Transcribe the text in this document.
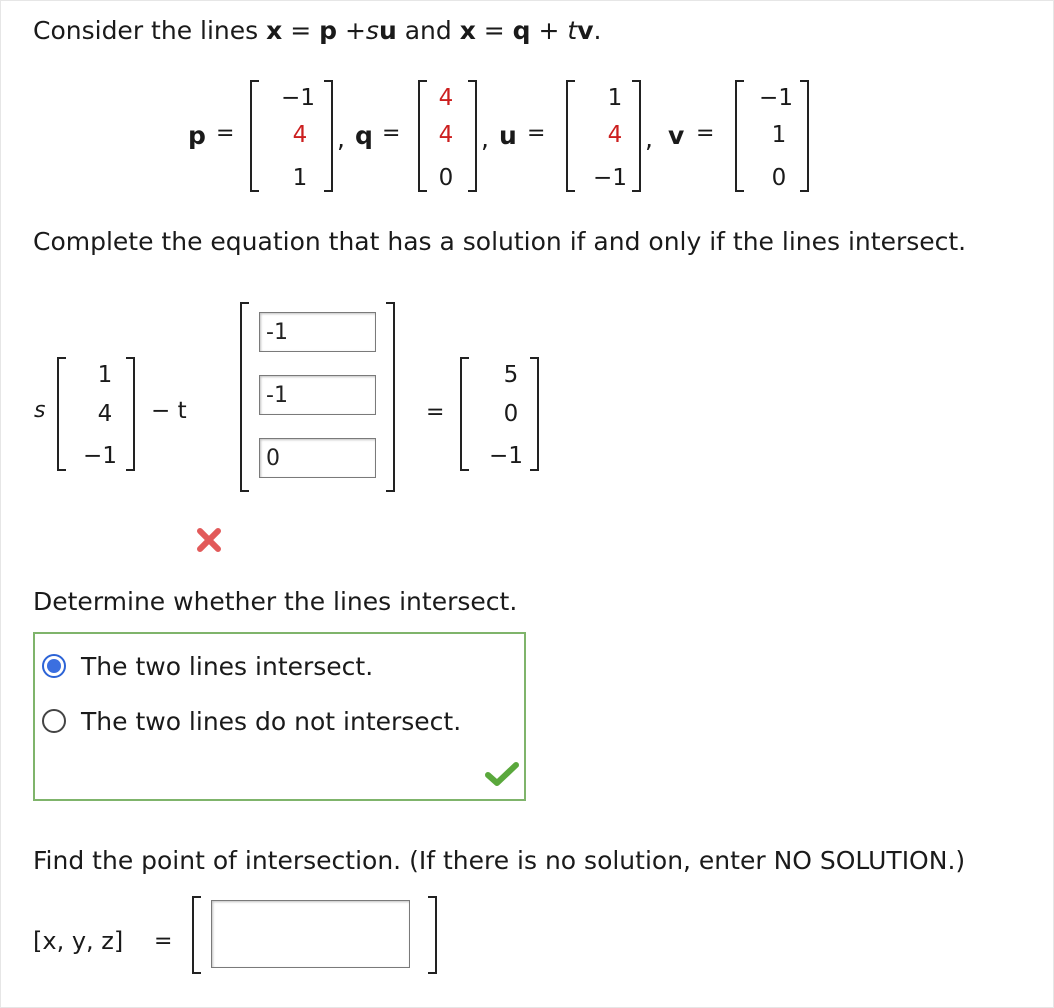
Consider the lines x = p +su and x = q + tv.
p =
−1
4
1
, q =
4
4
0
, u =
1
4
−1
, v =
−1
1
0
Complete the equation that has a solution if and only if the lines intersect.
s
1
4
−1
− t
-1
-1
0	=
5
0
−1
Determine whether the lines intersect.
The two lines intersect.
The two lines do not intersect.
Find the point of intersection. (If there is no solution, enter NO SOLUTION.)
[x, y, z] =
